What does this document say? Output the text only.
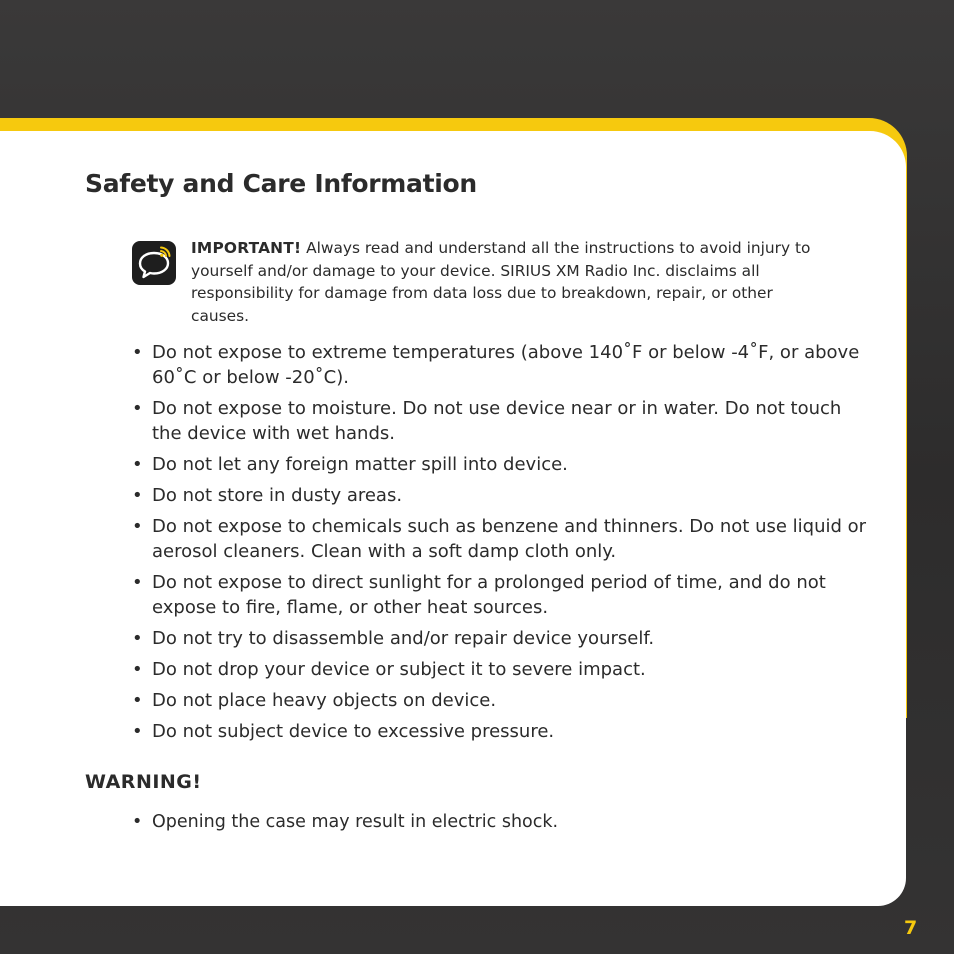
Safety and Care Information

IMPORTANT! Always read and understand all the instructions to avoid injury to yourself and/or damage to your device. SIRIUS XM Radio Inc. disclaims all responsibility for damage from data loss due to breakdown, repair, or other causes.

• Do not expose to extreme temperatures (above 140˚F or below -4˚F, or above 60˚C or below -20˚C).
• Do not expose to moisture. Do not use device near or in water. Do not touch the device with wet hands.
• Do not let any foreign matter spill into device.
• Do not store in dusty areas.
• Do not expose to chemicals such as benzene and thinners. Do not use liquid or aerosol cleaners. Clean with a soft damp cloth only.
• Do not expose to direct sunlight for a prolonged period of time, and do not expose to fire, flame, or other heat sources.
• Do not try to disassemble and/or repair device yourself.
• Do not drop your device or subject it to severe impact.
• Do not place heavy objects on device.
• Do not subject device to excessive pressure.
WARNING!
• Opening the case may result in electric shock.
7
